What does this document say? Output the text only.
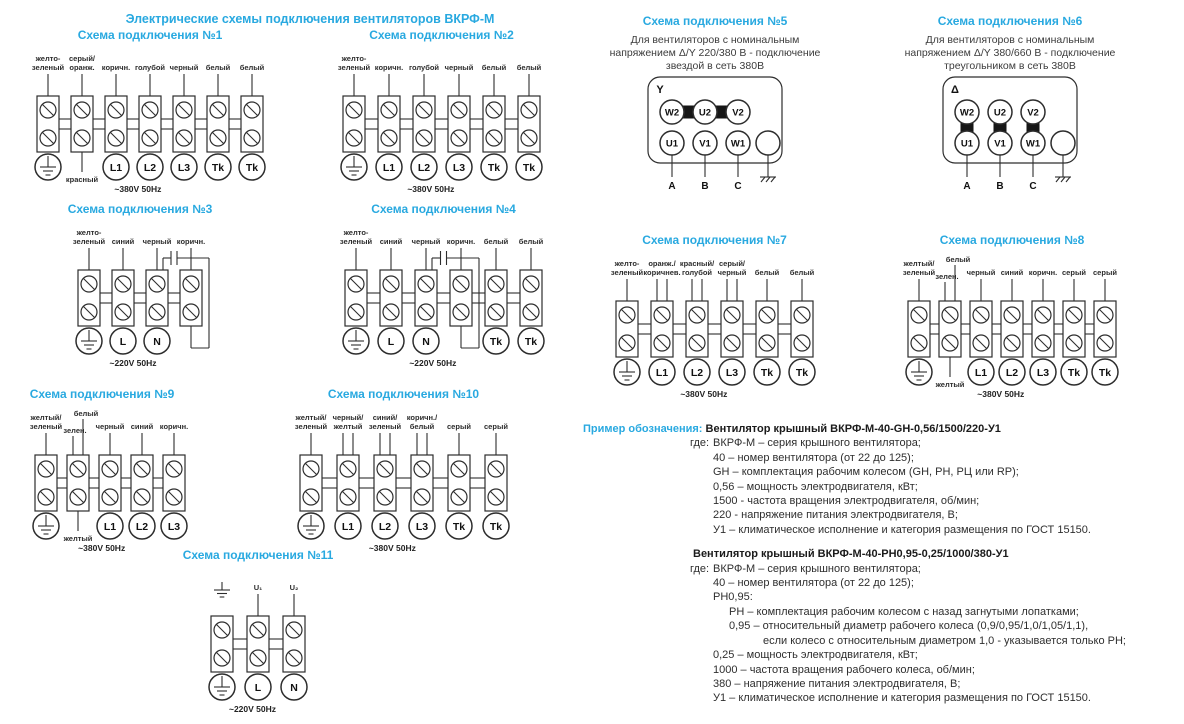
Электрические схемы подключения вентиляторов ВКРФ-М
Схема подключения №1
желто-
зеленый
серый/
оранж.
красный
коричн.
L1
голубой
L2
черный
L3
белый
Tk
белый
Tk
~380V 50Hz
Схема подключения №2
желто-
зеленый коричн.
L1
голубой
L2
черный
L3
белый
Tk
белый
Tk
~380V 50Hz
Схема подключения №3
желто-
зеленый синий
L
черный
N
коричн.
~220V 50Hz
Схема подключения №4
желто-
зеленый синий
L
черный
N
коричн. белый
Tk
белый
Tk
~220V 50Hz
Схема подключения №5
Для вентиляторов с номинальным
напряжением Δ/Y 220/380 В - подключение
звездой в сеть 380В
Y
W2 U2 V2
U1
A
V1
B
W1
C
Схема подключения №6
Для вентиляторов с номинальным
напряжением Δ/Y 380/660 В - подключение
треугольником в сеть 380В
Δ
W2 U2 V2
U1
A
V1
B
W1
C
Схема подключения №7
желто-
зеленый
оранж./
коричнев.
L1
красный/
голубой
L2
серый/
черный
L3
белый
Tk
белый
Tk
~380V 50Hz
Схема подключения №8
желтый/
зеленый зелен.
белый
желтый
черный
L1
синий
L2
коричн.
L3
серый
Tk
серый
Tk
~380V 50Hz
Схема подключения №9
желтый/
зеленый зелен.
белый
желтый
черный
L1
синий
L2
коричн.
L3
~380V 50Hz
Схема подключения №10
желтый/
зеленый
черный/
желтый
L1
синий/
зеленый
L2
коричн./
белый
L3
серый
Tk
серый
Tk
~380V 50Hz
Схема подключения №11
U₁
L
U₂
N
~220V 50Hz
Пример обозначения: Вентилятор крышный ВКРФ-М-40-GH-0,56/1500/220-У1
где: ВКРФ-М – серия крышного вентилятора;
40 – номер вентилятора (от 22 до 125);
GH – комплектация рабочим колесом (GH, PH, РЦ или RP);
0,56 – мощность электродвигателя, кВт;
1500 - частота вращения электродвигателя, об/мин;
220 - напряжение питания электродвигателя, В;
У1 – климатическое исполнение и категория размещения по ГОСТ 15150.
Вентилятор крышный ВКРФ-М-40-РН0,95-0,25/1000/380-У1
где: ВКРФ-М – серия крышного вентилятора;
40 – номер вентилятора (от 22 до 125);
РН0,95:
РН – комплектация рабочим колесом с назад загнутыми лопатками;
0,95 – относительный диаметр рабочего колеса (0,9/0,95/1,0/1,05/1,1),
если колесо с относительным диаметром 1,0 - указывается только РН;
0,25 – мощность электродвигателя, кВт;
1000 – частота вращения рабочего колеса, об/мин;
380 – напряжение питания электродвигателя, В;
У1 – климатическое исполнение и категория размещения по ГОСТ 15150.
